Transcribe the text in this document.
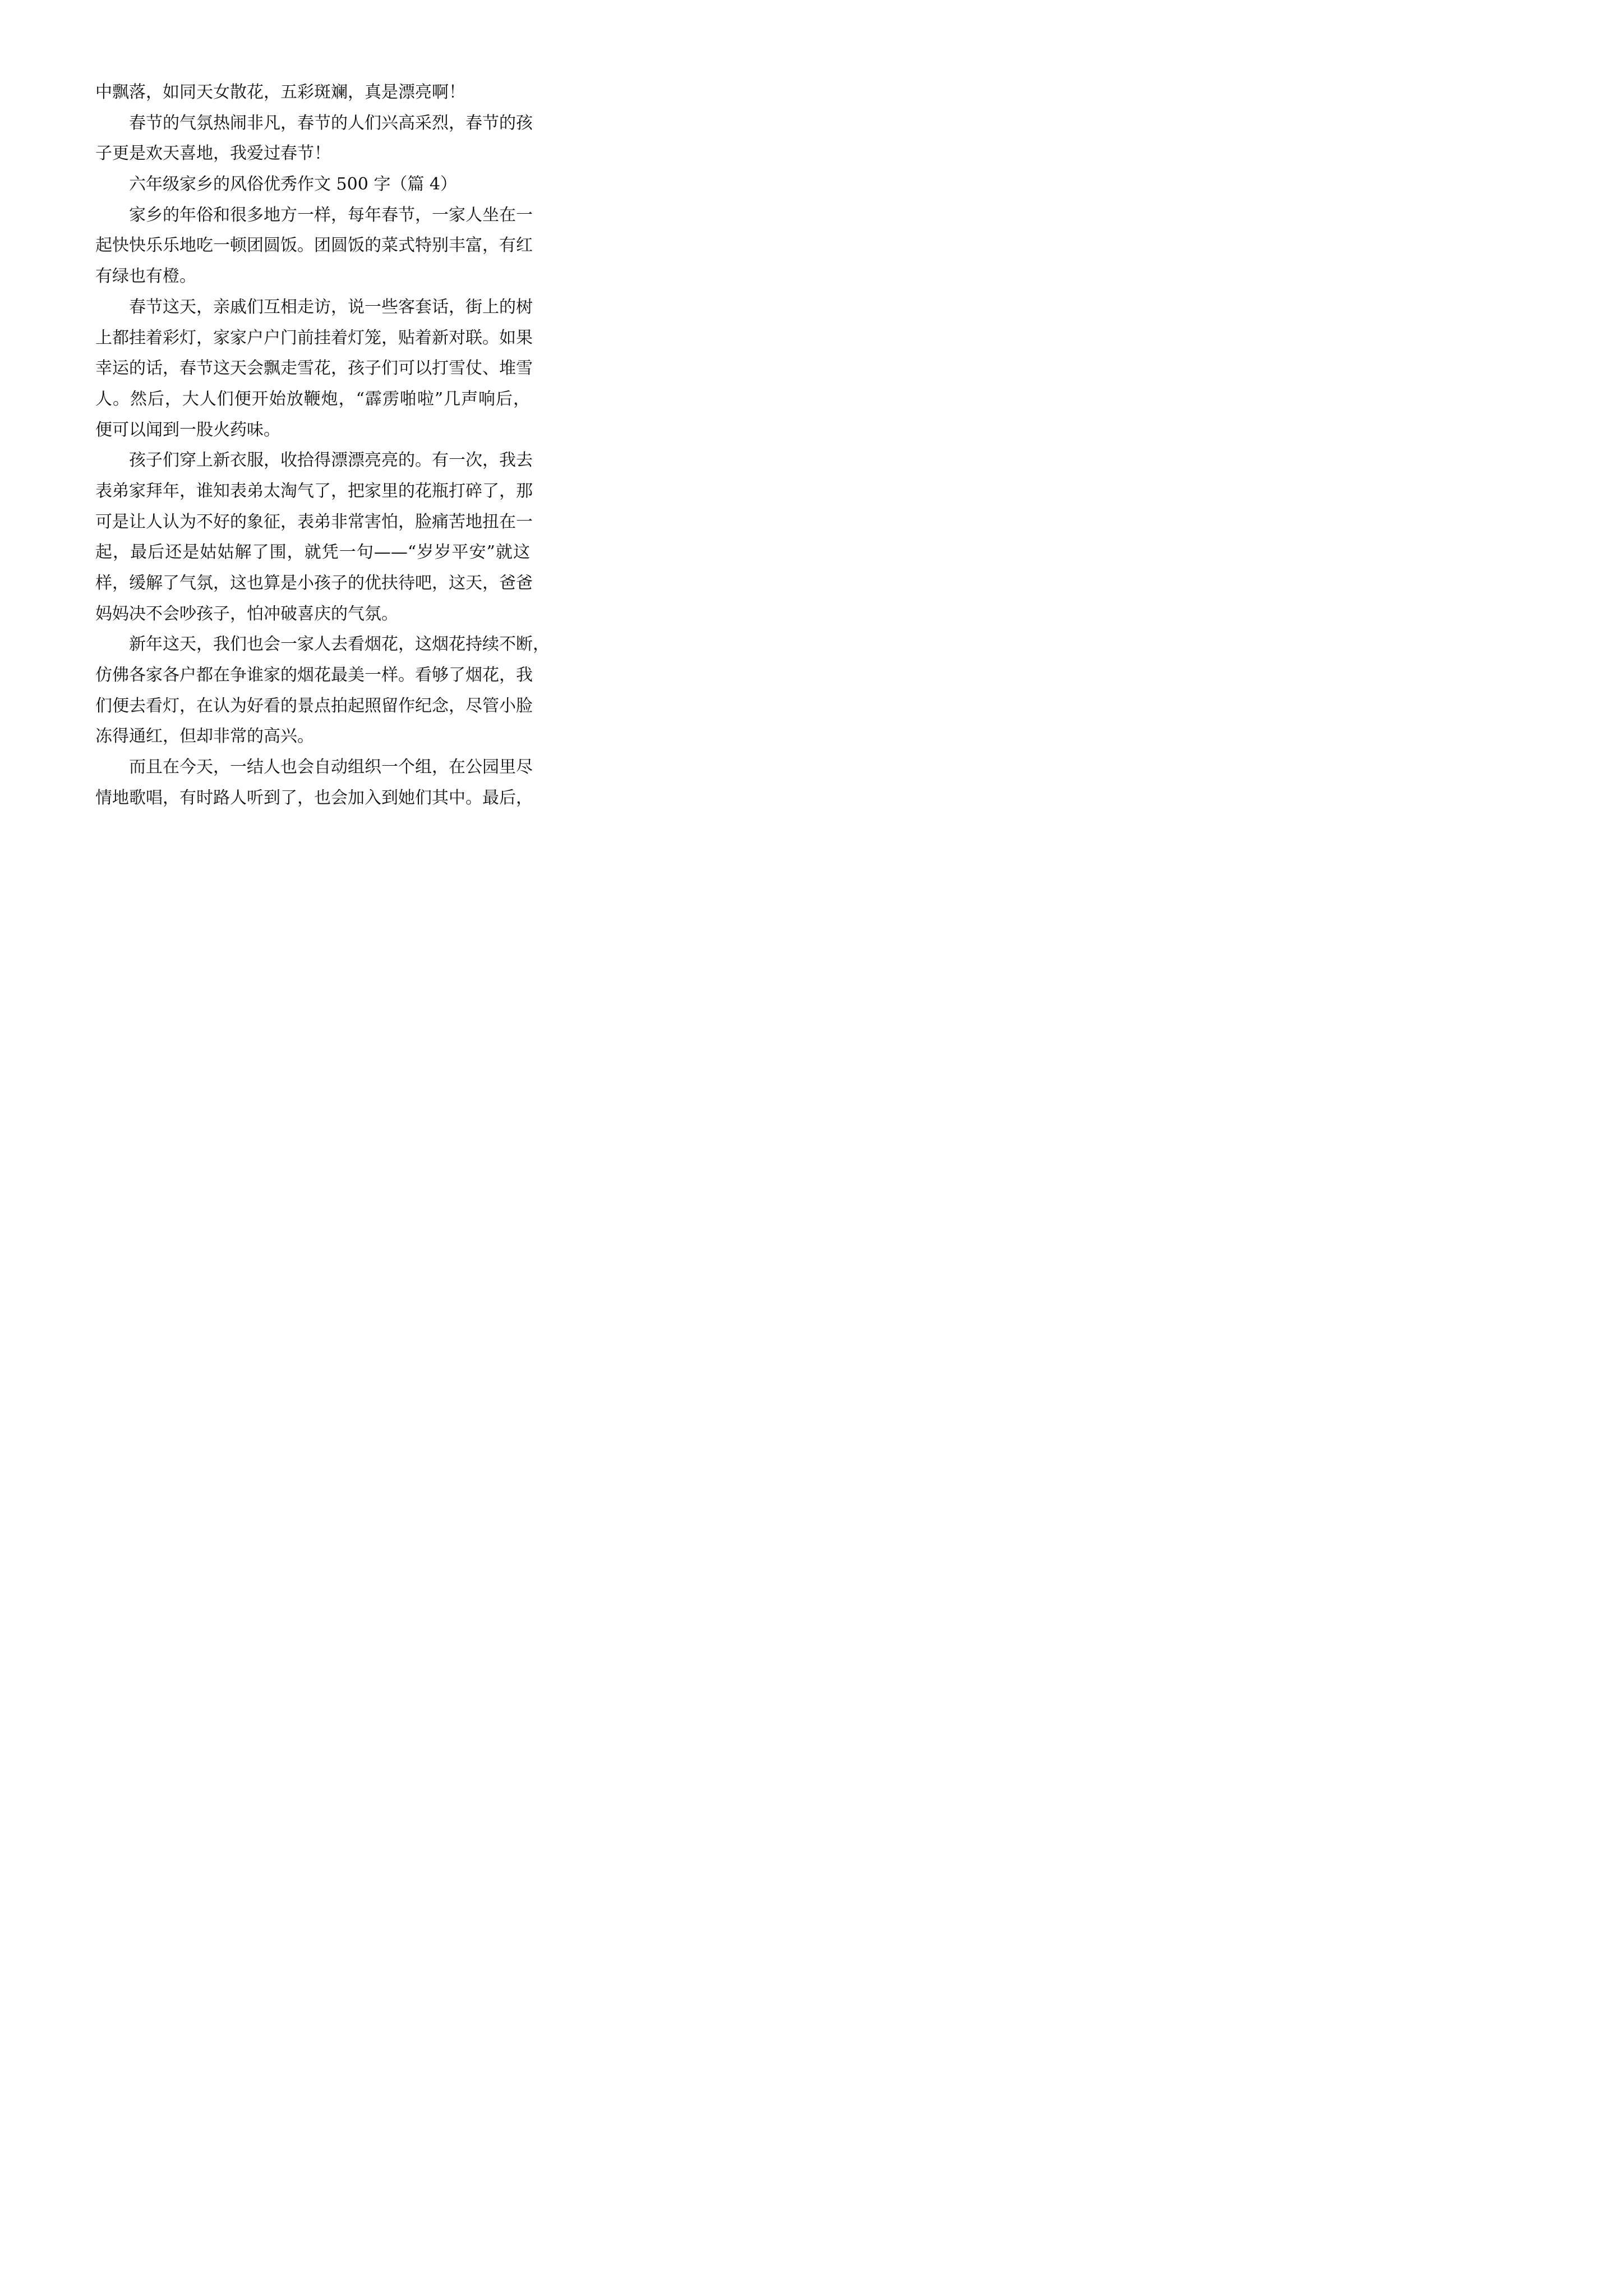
中飘落，如同天女散花，五彩斑斓，真是漂亮啊！
春节的气氛热闹非凡，春节的人们兴高采烈，春节的孩
子更是欢天喜地，我爱过春节！
六年级家乡的风俗优秀作文 500 字（篇 4）
家乡的年俗和很多地方一样，每年春节，一家人坐在一
起快快乐乐地吃一顿团圆饭。团圆饭的菜式特别丰富，有红
有绿也有橙。
春节这天，亲戚们互相走访，说一些客套话，街上的树
上都挂着彩灯，家家户户门前挂着灯笼，贴着新对联。如果
幸运的话，春节这天会飘走雪花，孩子们可以打雪仗、堆雪
人。然后，大人们便开始放鞭炮，“霹雳啪啦”几声响后，
便可以闻到一股火药味。
孩子们穿上新衣服，收拾得漂漂亮亮的。有一次，我去
表弟家拜年，谁知表弟太淘气了，把家里的花瓶打碎了，那
可是让人认为不好的象征，表弟非常害怕，脸痛苦地扭在一
起，最后还是姑姑解了围，就凭一句——“岁岁平安”就这
样，缓解了气氛，这也算是小孩子的优扶待吧，这天，爸爸
妈妈决不会吵孩子，怕冲破喜庆的气氛。
新年这天，我们也会一家人去看烟花，这烟花持续不断，
仿佛各家各户都在争谁家的烟花最美一样。看够了烟花，我
们便去看灯，在认为好看的景点拍起照留作纪念，尽管小脸
冻得通红，但却非常的高兴。
而且在今天，一结人也会自动组织一个组，在公园里尽
情地歌唱，有时路人听到了，也会加入到她们其中。最后，
